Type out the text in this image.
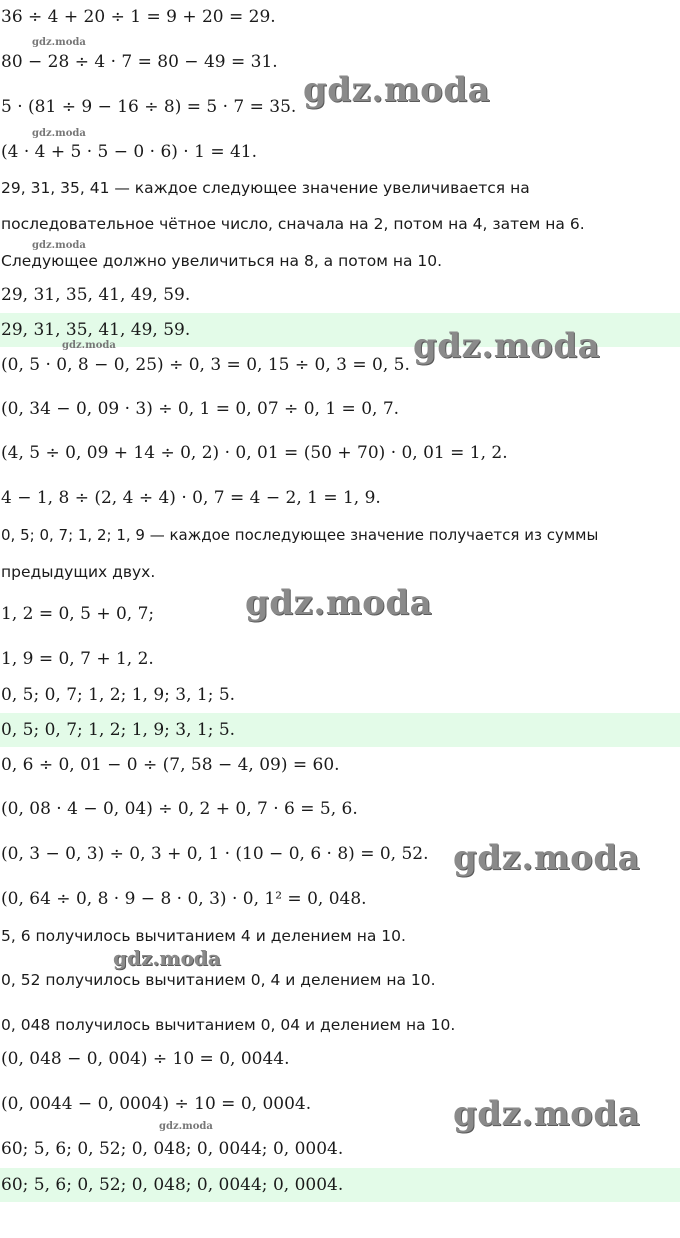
36 ÷ 4 + 20 ÷ 1 = 9 + 20 = 29.
80 − 28 ÷ 4 · 7 = 80 − 49 = 31.
5 · (81 ÷ 9 − 16 ÷ 8) = 5 · 7 = 35.
(4 · 4 + 5 · 5 − 0 · 6) · 1 = 41.
29, 31, 35, 41 — каждое следующее значение увеличивается на
последовательное чётное число, сначала на 2, потом на 4, затем на 6.
Следующее должно увеличиться на 8, а потом на 10.
29, 31, 35, 41, 49, 59.
29, 31, 35, 41, 49, 59.
(0, 5 · 0, 8 − 0, 25) ÷ 0, 3 = 0, 15 ÷ 0, 3 = 0, 5.
(0, 34 − 0, 09 · 3) ÷ 0, 1 = 0, 07 ÷ 0, 1 = 0, 7.
(4, 5 ÷ 0, 09 + 14 ÷ 0, 2) · 0, 01 = (50 + 70) · 0, 01 = 1, 2.
4 − 1, 8 ÷ (2, 4 ÷ 4) · 0, 7 = 4 − 2, 1 = 1, 9.
0, 5; 0, 7; 1, 2; 1, 9 — каждое последующее значение получается из суммы
предыдущих двух.
1, 2 = 0, 5 + 0, 7;
1, 9 = 0, 7 + 1, 2.
0, 5; 0, 7; 1, 2; 1, 9; 3, 1; 5.
0, 5; 0, 7; 1, 2; 1, 9; 3, 1; 5.
0, 6 ÷ 0, 01 − 0 ÷ (7, 58 − 4, 09) = 60.
(0, 08 · 4 − 0, 04) ÷ 0, 2 + 0, 7 · 6 = 5, 6.
(0, 3 − 0, 3) ÷ 0, 3 + 0, 1 · (10 − 0, 6 · 8) = 0, 52.
(0, 64 ÷ 0, 8 · 9 − 8 · 0, 3) · 0, 1² = 0, 048.
5, 6 получилось вычитанием 4 и делением на 10.
0, 52 получилось вычитанием 0, 4 и делением на 10.
0, 048 получилось вычитанием 0, 04 и делением на 10.
(0, 048 − 0, 004) ÷ 10 = 0, 0044.
(0, 0044 − 0, 0004) ÷ 10 = 0, 0004.
60; 5, 6; 0, 52; 0, 048; 0, 0044; 0, 0004.
60; 5, 6; 0, 52; 0, 048; 0, 0044; 0, 0004.
gdz.moda
gdz.moda
gdz.moda
gdz.moda
gdz.moda	gdz.moda
gdz.moda
gdz.moda
gdz.moda
gdz.moda
gdz.moda
